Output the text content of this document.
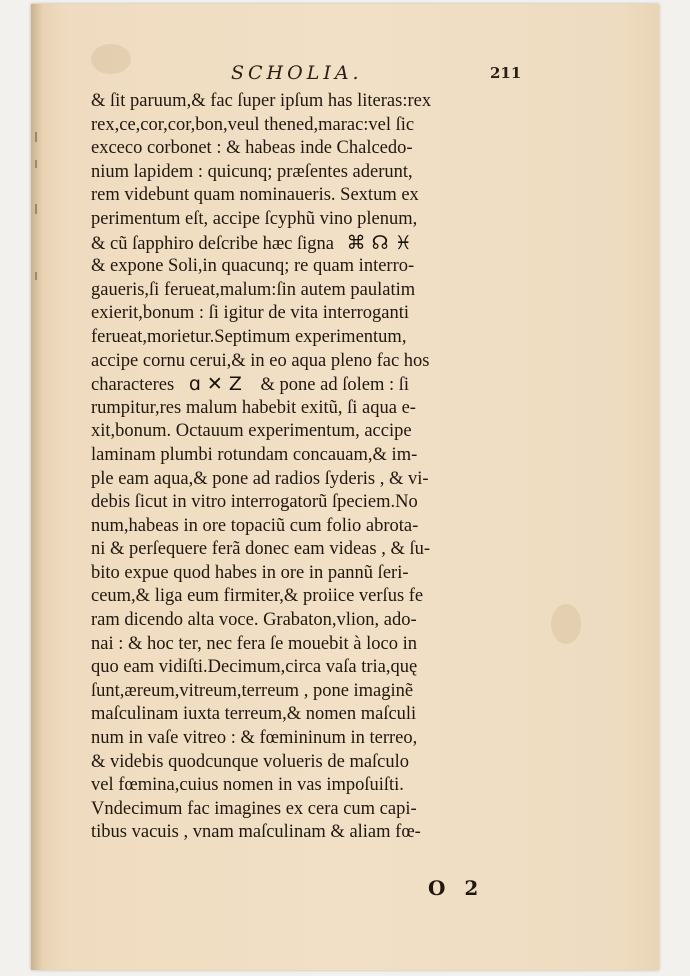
SCHOLIA.	211
& ſit paruum,& fac ſuper ipſum has literas:rex
rex,ce,cor,cor,bon,veul thened,marac:vel ſic
exceco corbonet : & habeas inde Chalcedo-
nium lapidem : quicunq; præſentes aderunt,
rem videbunt quam nominaueris. Sextum ex
perimentum eſt, accipe ſcyphũ vino plenum,
& cũ ſapphiro deſcribe hæc ſigna ⌘ ☊ ♓
& expone Soli,in quacunq; re quam interro-
gaueris,ſi ferueat,malum:ſin autem paulatim
exierit,bonum : ſi igitur de vita interroganti
ferueat,morietur.Septimum experimentum,
accipe cornu cerui,& in eo aqua pleno fac hos
characteres ɑ ✕ Z & pone ad ſolem : ſi
rumpitur,res malum habebit exitũ, ſi aqua e-
xit,bonum. Octauum experimentum, accipe
laminam plumbi rotundam concauam,& im-
ple eam aqua,& pone ad radios ſyderis , & vi-
debis ſicut in vitro interrogatorũ ſpeciem.No
num,habeas in ore topaciũ cum folio abrota-
ni & perſequere ferã donec eam videas , & ſu-
bito expue quod habes in ore in pannũ ſeri-
ceum,& liga eum firmiter,& proiice verſus fe
ram dicendo alta voce. Grabaton,vlion, ado-
nai : & hoc ter, nec fera ſe mouebit à loco in
quo eam vidiſti.Decimum,circa vaſa tria,quę
ſunt,æreum,vitreum,terreum , pone imaginẽ
maſculinam iuxta terreum,& nomen maſculi
num in vaſe vitreo : & fœmininum in terreo,
& videbis quodcunque volueris de maſculo
vel fœmina,cuius nomen in vas impoſuiſti.
Vndecimum fac imagines ex cera cum capi-
tibus vacuis , vnam maſculinam & aliam fœ-
O 2
